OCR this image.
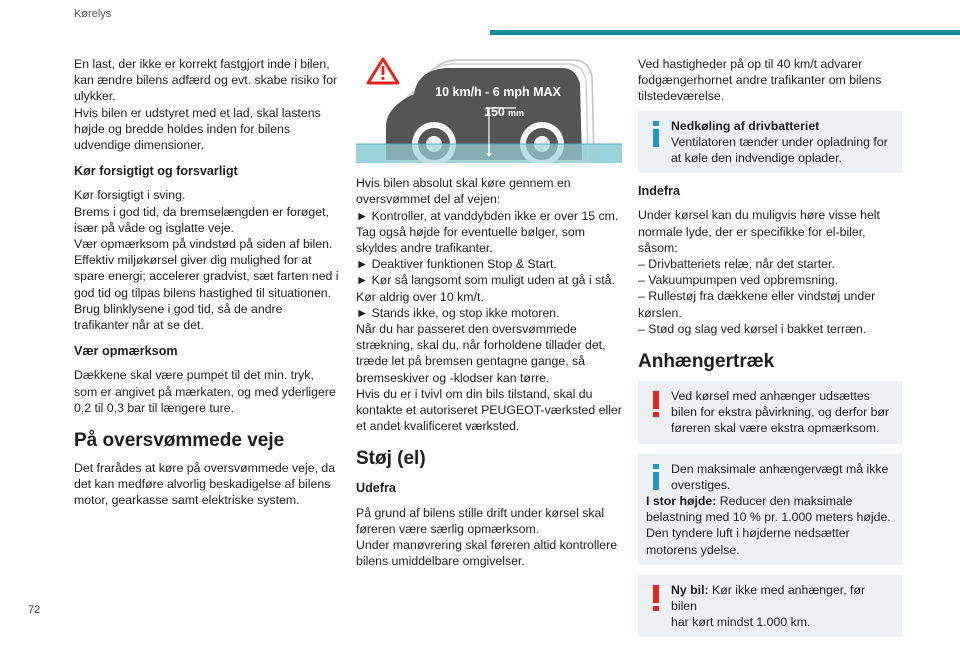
Kørelys

En last, der ikke er korrekt fastgjort inde i bilen, kan ændre bilens adfærd og evt. skabe risiko for ulykker.

Hvis bilen er udstyret med et lad, skal lastens højde og bredde holdes inden for bilens udvendige dimensioner.

Kør forsigtigt og forsvarligt

Kør forsigtigt i sving.

Brems i god tid, da bremselængden er forøget, især på våde og isglatte veje.

Vær opmærksom på vindstød på siden af bilen.

Effektiv miljøkørsel giver dig mulighed for at spare energi; accelerer gradvist, sæt farten ned i god tid og tilpas bilens hastighed til situationen.

Brug blinklysene i god tid, så de andre trafikanter når at se det.

Vær opmærksom

Dækkene skal være pumpet til det min. tryk, som er angivet på mærkaten, og med yderligere 0,2 til 0,3 bar til længere ture.

På oversvømmede veje

Det frarådes at køre på oversvømmede veje, da det kan medføre alvorlig beskadigelse af bilens motor, gearkasse samt elektriske system.

10 km/h - 6 mph MAX
150 mm

Hvis bilen absolut skal køre gennem en oversvømmet del af vejen:

► Kontroller, at vanddybden ikke er over 15 cm. Tag også højde for eventuelle bølger, som skyldes andre trafikanter.

► Deaktiver funktionen Stop & Start.

► Kør så langsomt som muligt uden at gå i stå. Kør aldrig over 10 km/t.

► Stands ikke, og stop ikke motoren.

Når du har passeret den oversvømmede strækning, skal du, når forholdene tillader det, træde let på bremsen gentagne gange, så bremseskiver og -klodser kan tørre.

Hvis du er i tvivl om din bils tilstand, skal du kontakte et autoriseret PEUGEOT-værksted eller et andet kvalificeret værksted.

Støj (el)
Udefra

På grund af bilens stille drift under kørsel skal føreren være særlig opmærksom.

Under manøvrering skal føreren altid kontrollere bilens umiddelbare omgivelser.

Ved hastigheder på op til 40 km/t advarer fodgængerhornet andre trafikanter om bilens tilstedeværelse.

Nedkøling af drivbatteriet
Ventilatoren tænder under opladning for at køle den indvendige oplader.
Indefra

Under kørsel kan du muligvis høre visse helt normale lyde, der er specifikke for el-biler, såsom:

– Drivbatteriets relæ, når det starter.

– Vakuumpumpen ved opbremsning.

– Rullestøj fra dækkene eller vindstøj under kørslen.

– Stød og slag ved kørsel i bakket terræn.

Anhængertræk
Ved kørsel med anhænger udsættes
bilen for ekstra påvirkning, og derfor bør føreren skal være ekstra opmærksom.
Den maksimale anhængervægt må ikke
overstiges.
I stor højde: Reducer den maksimale belastning med 10 % pr. 1.000 meters højde. Den tyndere luft i højderne nedsætter motorens ydelse.
Ny bil: Kør ikke med anhænger, før bilen
har kørt mindst 1.000 km.
72
